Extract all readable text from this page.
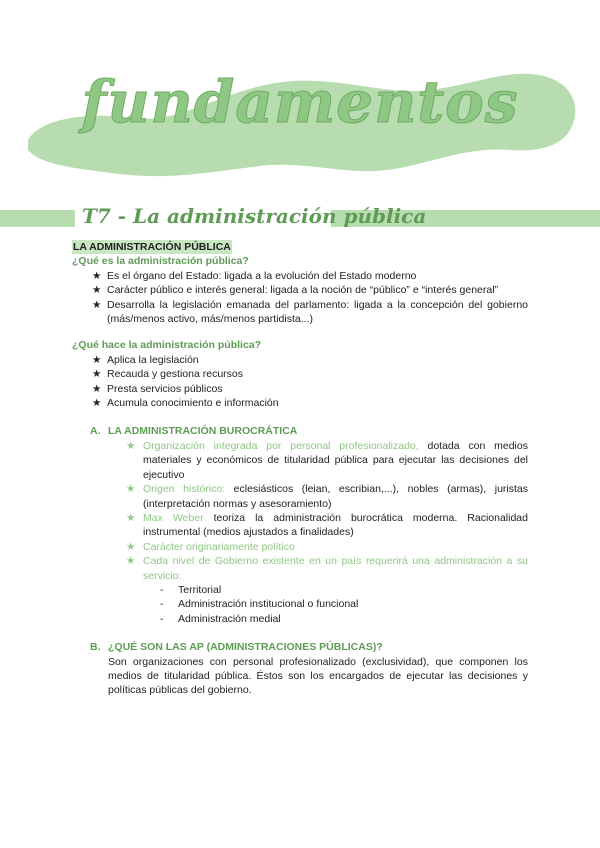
fundamentos
T7 - La administración pública
LA ADMINISTRACIÓN PÚBLICA
¿Qué es la administración pública?
★ Es el órgano del Estado: ligada a la evolución del Estado moderno
★ Carácter público e interés general: ligada a la noción de “público” e “interés general”
★ Desarrolla la legislación emanada del parlamento: ligada a la concepción del gobierno (más/menos activo, más/menos partidista...)
¿Qué hace la administración pública?
★ Aplica la legislación
★ Recauda y gestiona recursos
★ Presta servicios públicos
★ Acumula conocimiento e información
A. LA ADMINISTRACIÓN BUROCRÁTICA
★ Organización integrada por personal profesionalizado, dotada con medios materiales y económicos de titularidad pública para ejecutar las decisiones del ejecutivo
★ Origen histórico: eclesiásticos (leian, escribian,...), nobles (armas), juristas (interpretación normas y asesoramiento)
★ Max Weber teoriza la administración burocrática moderna. Racionalidad instrumental (medios ajustados a finalidades)
★ Carácter originariamente político
★ Cada nivel de Gobierno existente en un país requerirá una administración a su servicio:
- Territorial
- Administración institucional o funcional
- Administración medial
B. ¿QUÉ SON LAS AP (ADMINISTRACIONES PÚBLICAS)?
Son organizaciones con personal profesionalizado (exclusividad), que componen los medios de titularidad pública. Éstos son los encargados de ejecutar las decisiones y políticas públicas del gobierno.
